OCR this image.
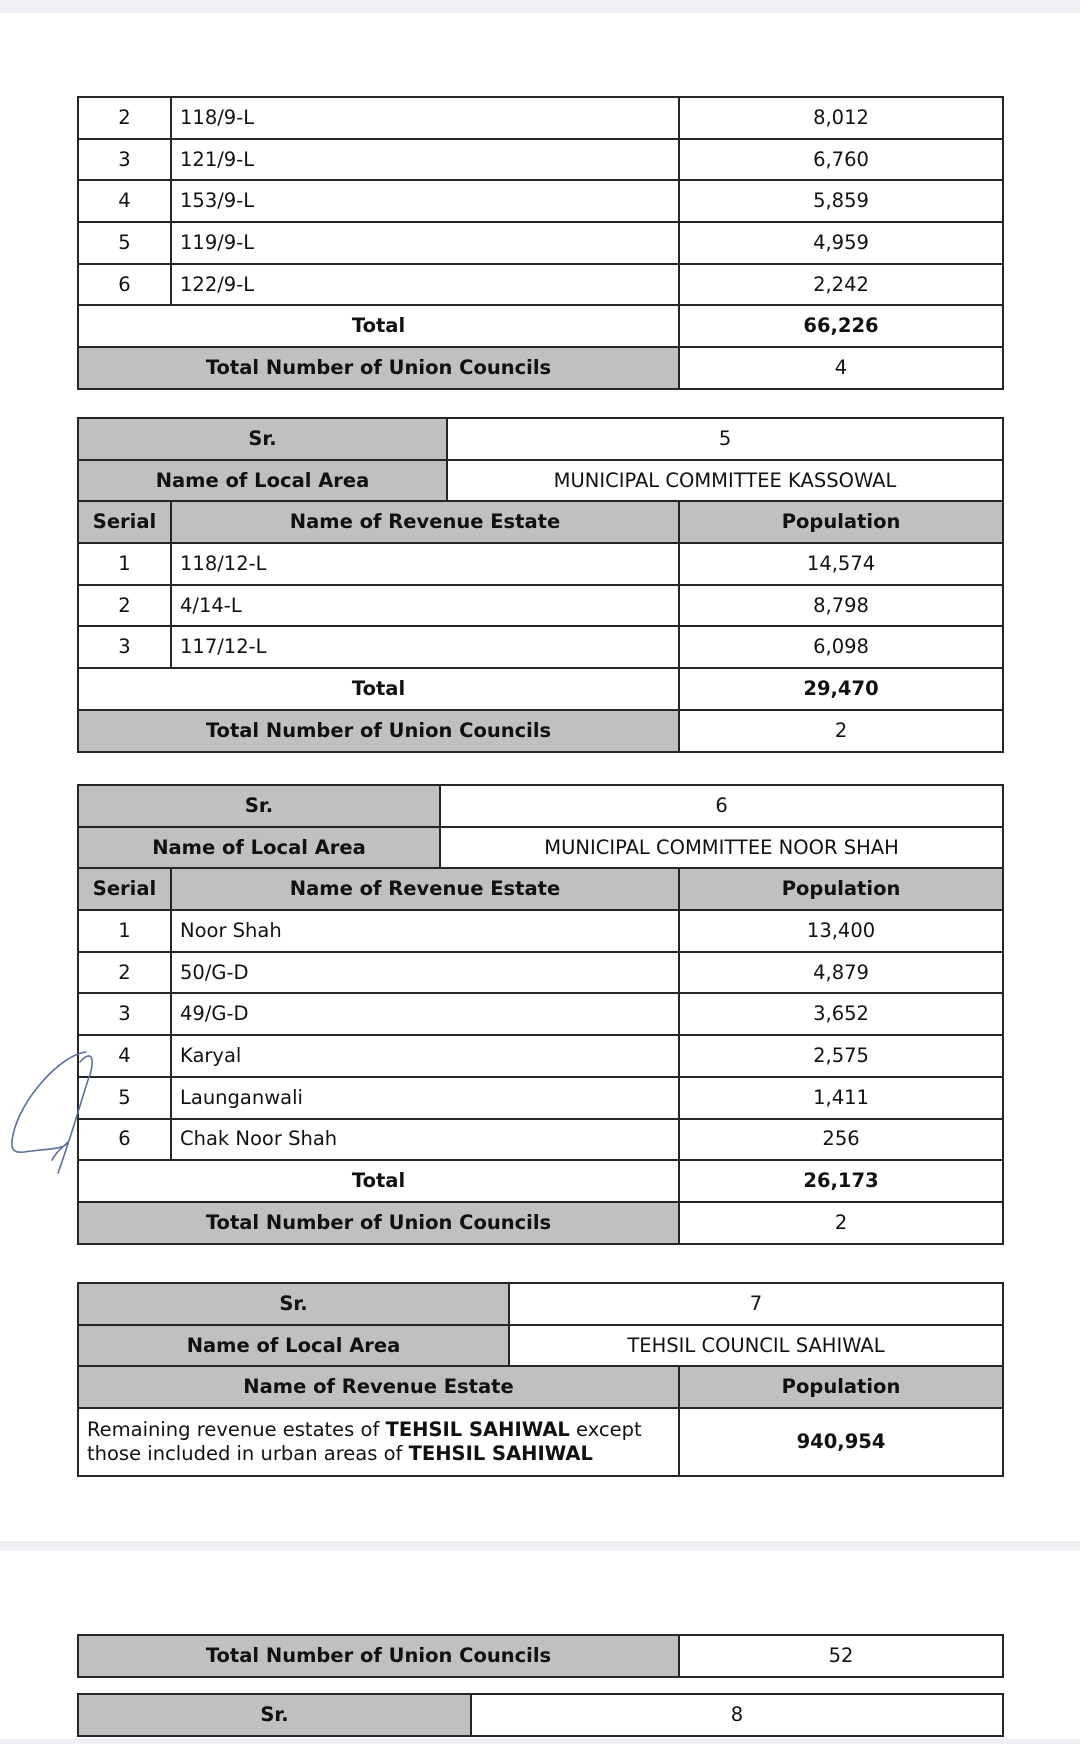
2	118/9-L	8,012
3	121/9-L	6,760
4	153/9-L	5,859
5	119/9-L	4,959
6	122/9-L	2,242
Total		66,226
Total Number of Union Councils		4
Sr.		5	
Name of Local Area		MUNICIPAL COMMITTEE KASSOWAL	
Serial	Name of Revenue Estate		Population
1	118/12-L		14,574
2	4/14-L		8,798
3	117/12-L		6,098
Total			29,470
Total Number of Union Councils			2
Sr.		6	
Name of Local Area		MUNICIPAL COMMITTEE NOOR SHAH	
Serial	Name of Revenue Estate		Population
1	Noor Shah		13,400
2	50/G-D		4,879
3	49/G-D		3,652
4	Karyal		2,575
5	Launganwali		1,411
6	Chak Noor Shah		256
Total			26,173
Total Number of Union Councils			2
Sr.	7	
Name of Local Area	TEHSIL COUNCIL SAHIWAL	
Name of Revenue Estate		Population
Remaining revenue estates of TEHSIL SAHIWAL except those included in urban areas of TEHSIL SAHIWAL		940,954
Total Number of Union Councils	52
Sr.	8
